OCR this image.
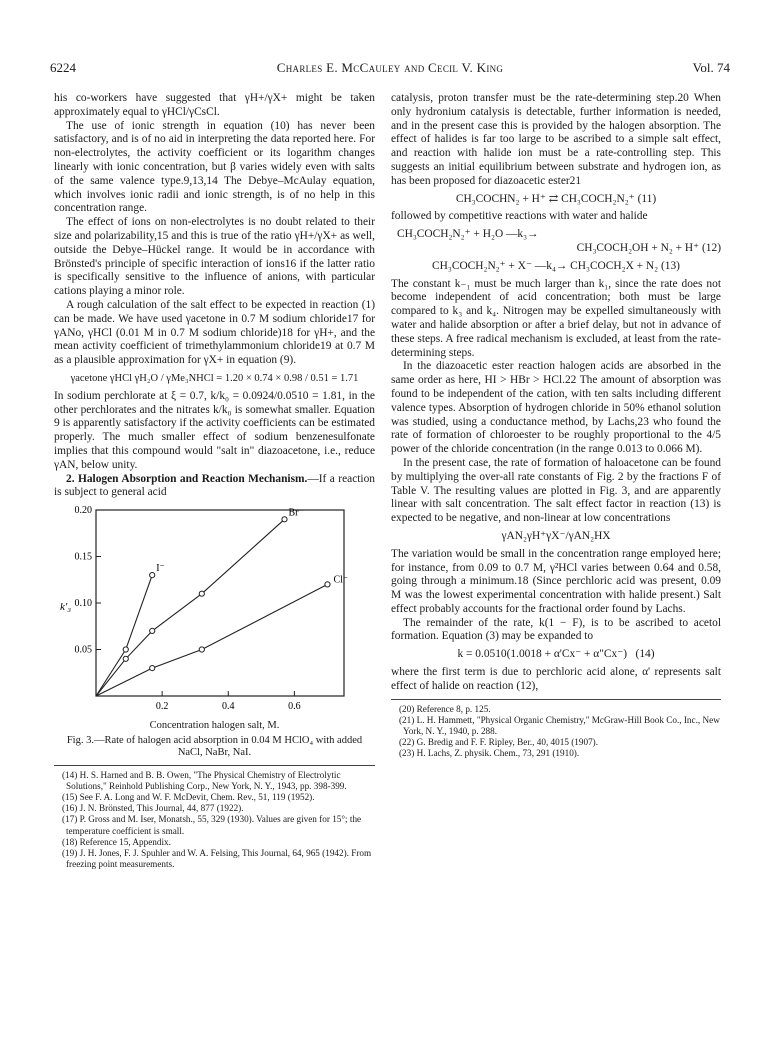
6224	Charles E. McCauley and Cecil V. King	Vol. 74

his co-workers have suggested that γH+/γX+ might be taken approximately equal to γHCl/γCsCl.

The use of ionic strength in equation (10) has never been satisfactory, and is of no aid in interpreting the data reported here. For non-electrolytes, the activity coefficient or its logarithm changes linearly with ionic concentration, but β varies widely even with salts of the same valence type.9,13,14 The Debye–McAulay equation, which involves ionic radii and ionic strength, is of no help in this concentration range.

The effect of ions on non-electrolytes is no doubt related to their size and polarizability,15 and this is true of the ratio γH+/γX+ as well, outside the Debye–Hückel range. It would be in accordance with Brönsted's principle of specific interaction of ions16 if the latter ratio is specifically sensitive to the influence of anions, with particular cations playing a minor role.

A rough calculation of the salt effect to be expected in reaction (1) can be made. We have used γacetone in 0.7 M sodium chloride17 for γANo, γHCl (0.01 M in 0.7 M sodium chloride)18 for γH+, and the mean activity coefficient of trimethylammonium chloride19 at 0.7 M as a plausible approximation for γX+ in equation (9).

γacetone γHCl γH₂O / γMe₃NHCl = 1.20 × 0.74 × 0.98 / 0.51 = 1.71

In sodium perchlorate at ξ = 0.7, k/k₀ = 0.0924/0.0510 = 1.81, in the other perchlorates and the nitrates k/k₀ is somewhat smaller. Equation 9 is apparently satisfactory if the activity coefficients can be estimated properly. The much smaller effect of sodium benzenesulfonate implies that this compound would "salt in" diazoacetone, i.e., reduce γAN, below unity.

2. Halogen Absorption and Reaction Mechanism.—If a reaction is subject to general acid

k′₃
0.2	0.4	0.6
0.20
0.15
0.10
0.05
I⁻
Br⁻
Cl⁻
Concentration halogen salt, M.
Fig. 3.—Rate of halogen acid absorption in 0.04 M HClO₄ with added NaCl, NaBr, NaI.

(14) H. S. Harned and B. B. Owen, "The Physical Chemistry of Electrolytic Solutions," Reinhold Publishing Corp., New York, N. Y., 1943, pp. 398-399.

(15) See F. A. Long and W. F. McDevit, Chem. Rev., 51, 119 (1952).

(16) J. N. Brönsted, This Journal, 44, 877 (1922).

(17) P. Gross and M. Iser, Monatsh., 55, 329 (1930). Values are given for 15°; the temperature coefficient is small.

(18) Reference 15, Appendix.

(19) J. H. Jones, F. J. Spuhler and W. A. Felsing, This Journal, 64, 965 (1942). From freezing point measurements.

catalysis, proton transfer must be the rate-determining step.20 When only hydronium catalysis is detectable, further information is needed, and in the present case this is provided by the halogen absorption. The effect of halides is far too large to be ascribed to a simple salt effect, and reaction with halide ion must be a rate-controlling step. This suggests an initial equilibrium between substrate and hydrogen ion, as has been proposed for diazoacetic ester21

CH₃COCHN₂ + H⁺ ⇄ CH₃COCH₂N₂⁺ (11)

followed by competitive reactions with water and halide

CH₃COCH₂N₂⁺ + H₂O —k₃→
CH₃COCH₂OH + N₂ + H⁺ (12)
CH₃COCH₂N₂⁺ + X⁻ —k₄→ CH₃COCH₂X + N₂ (13)

The constant k₋₁ must be much larger than k₁, since the rate does not become independent of acid concentration; both must be large compared to k₃ and k₄. Nitrogen may be expelled simultaneously with water and halide absorption or after a brief delay, but not in advance of these steps. A free radical mechanism is excluded, at least from the rate-determining steps.

In the diazoacetic ester reaction halogen acids are absorbed in the same order as here, HI > HBr > HCl.22 The amount of absorption was found to be independent of the cation, with ten salts including different valence types. Absorption of hydrogen chloride in 50% ethanol solution was studied, using a conductance method, by Lachs,23 who found the rate of formation of chloroester to be roughly proportional to the 4/5 power of the chloride concentration (in the range 0.013 to 0.066 M).

In the present case, the rate of formation of haloacetone can be found by multiplying the over-all rate constants of Fig. 2 by the fractions F of Table V. The resulting values are plotted in Fig. 3, and are apparently linear with salt concentration. The salt effect factor in reaction (13) is expected to be negative, and non-linear at low concentrations

γAN₂γH⁺γX⁻/γAN₂HX

The variation would be small in the concentration range employed here; for instance, from 0.09 to 0.7 M, γ²HCl varies between 0.64 and 0.58, going through a minimum.18 (Since perchloric acid was present, 0.09 M was the lowest experimental concentration with halide present.) Salt effect probably accounts for the fractional order found by Lachs.

The remainder of the rate, k(1 − F), is to be ascribed to acetol formation. Equation (3) may be expanded to

k = 0.0510(1.0018 + α'Cx⁻ + α"Cx⁻)   (14)

where the first term is due to perchloric acid alone, α' represents salt effect of halide on reaction (12),

(20) Reference 8, p. 125.

(21) L. H. Hammett, "Physical Organic Chemistry," McGraw-Hill Book Co., Inc., New York, N. Y., 1940, p. 288.

(22) G. Bredig and F. F. Ripley, Ber., 40, 4015 (1907).

(23) H. Lachs, Z. physik. Chem., 73, 291 (1910).
